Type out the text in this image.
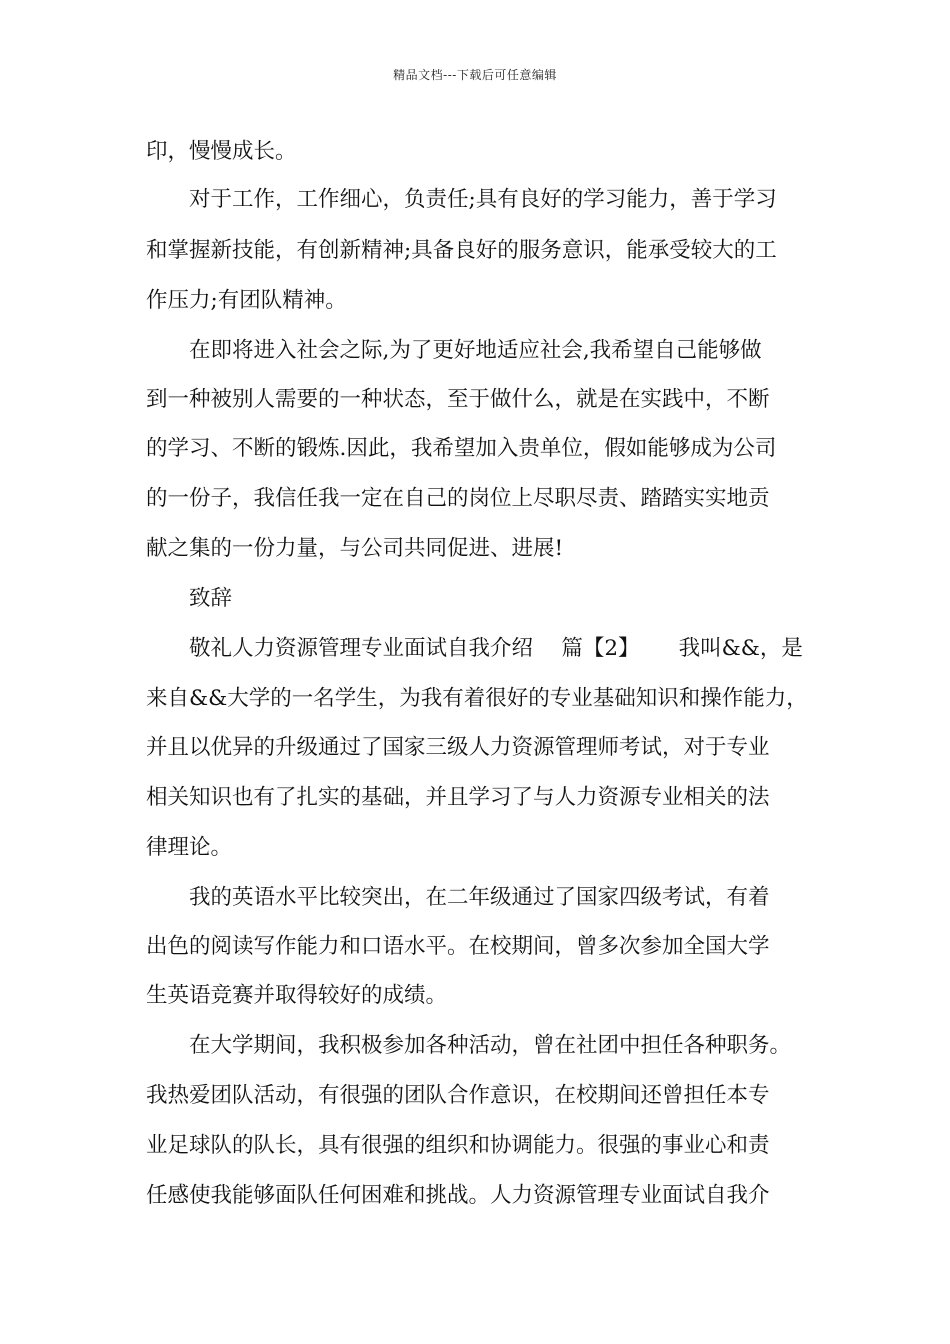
精品文档---下载后可任意编辑
印，慢慢成长。
对于工作，工作细心，负责任;具有良好的学习能力，善于学习
和掌握新技能，有创新精神;具备良好的服务意识，能承受较大的工
作压力;有团队精神。
在即将进入社会之际,为了更好地适应社会,我希望自己能够做
到一种被别人需要的一种状态，至于做什么，就是在实践中，不断
的学习、不断的锻炼.因此，我希望加入贵单位，假如能够成为公司
的一份子，我信任我一定在自己的岗位上尽职尽责、踏踏实实地贡
献之集的一份力量，与公司共同促进、进展!
致辞
敬礼人力资源管理专业面试自我介绍　 篇【2】　　 我叫&&，是
来自&&大学的一名学生，为我有着很好的专业基础知识和操作能力，
并且以优异的升级通过了国家三级人力资源管理师考试，对于专业
相关知识也有了扎实的基础，并且学习了与人力资源专业相关的法
律理论。
我的英语水平比较突出，在二年级通过了国家四级考试，有着
出色的阅读写作能力和口语水平。在校期间，曾多次参加全国大学
生英语竞赛并取得较好的成绩。
在大学期间，我积极参加各种活动，曾在社团中担任各种职务。
我热爱团队活动，有很强的团队合作意识，在校期间还曾担任本专
业足球队的队长，具有很强的组织和协调能力。很强的事业心和责
任感使我能够面队任何困难和挑战。人力资源管理专业面试自我介
